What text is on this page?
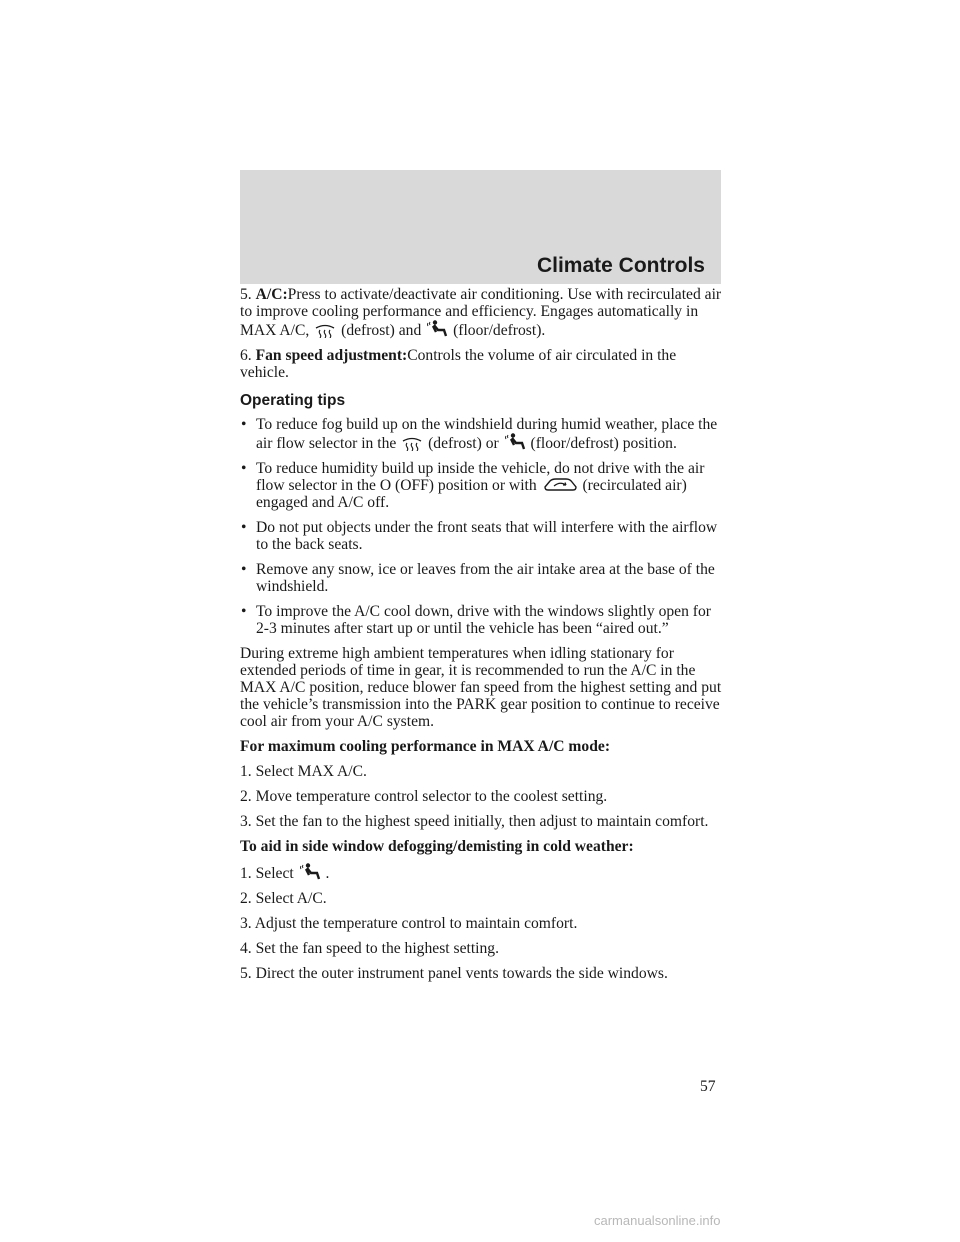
Climate Controls

5. A/C:Press to activate/deactivate air conditioning. Use with recirculated air to improve cooling performance and efficiency. Engages automatically in MAX A/C, (defrost) and (floor/defrost).

6. Fan speed adjustment:Controls the volume of air circulated in the vehicle.

Operating tips
• To reduce fog build up on the windshield during humid weather, place the air flow selector in the (defrost) or (floor/defrost) position.
• To reduce humidity build up inside the vehicle, do not drive with the air flow selector in the O (OFF) position or with	(recirculated air) engaged and A/C off.
• Do not put objects under the front seats that will interfere with the airflow to the back seats.
• Remove any snow, ice or leaves from the air intake area at the base of the windshield.
• To improve the A/C cool down, drive with the windows slightly open for 2-3 minutes after start up or until the vehicle has been “aired out.”

During extreme high ambient temperatures when idling stationary for extended periods of time in gear, it is recommended to run the A/C in the MAX A/C position, reduce blower fan speed from the highest setting and put the vehicle’s transmission into the PARK gear position to continue to receive cool air from your A/C system.

For maximum cooling performance in MAX A/C mode:

1. Select MAX A/C.

2. Move temperature control selector to the coolest setting.

3. Set the fan to the highest speed initially, then adjust to maintain comfort.

To aid in side window defogging/demisting in cold weather:

1. Select .

2. Select A/C.

3. Adjust the temperature control to maintain comfort.

4. Set the fan speed to the highest setting.

5. Direct the outer instrument panel vents towards the side windows.

57
carmanualsonline.info
